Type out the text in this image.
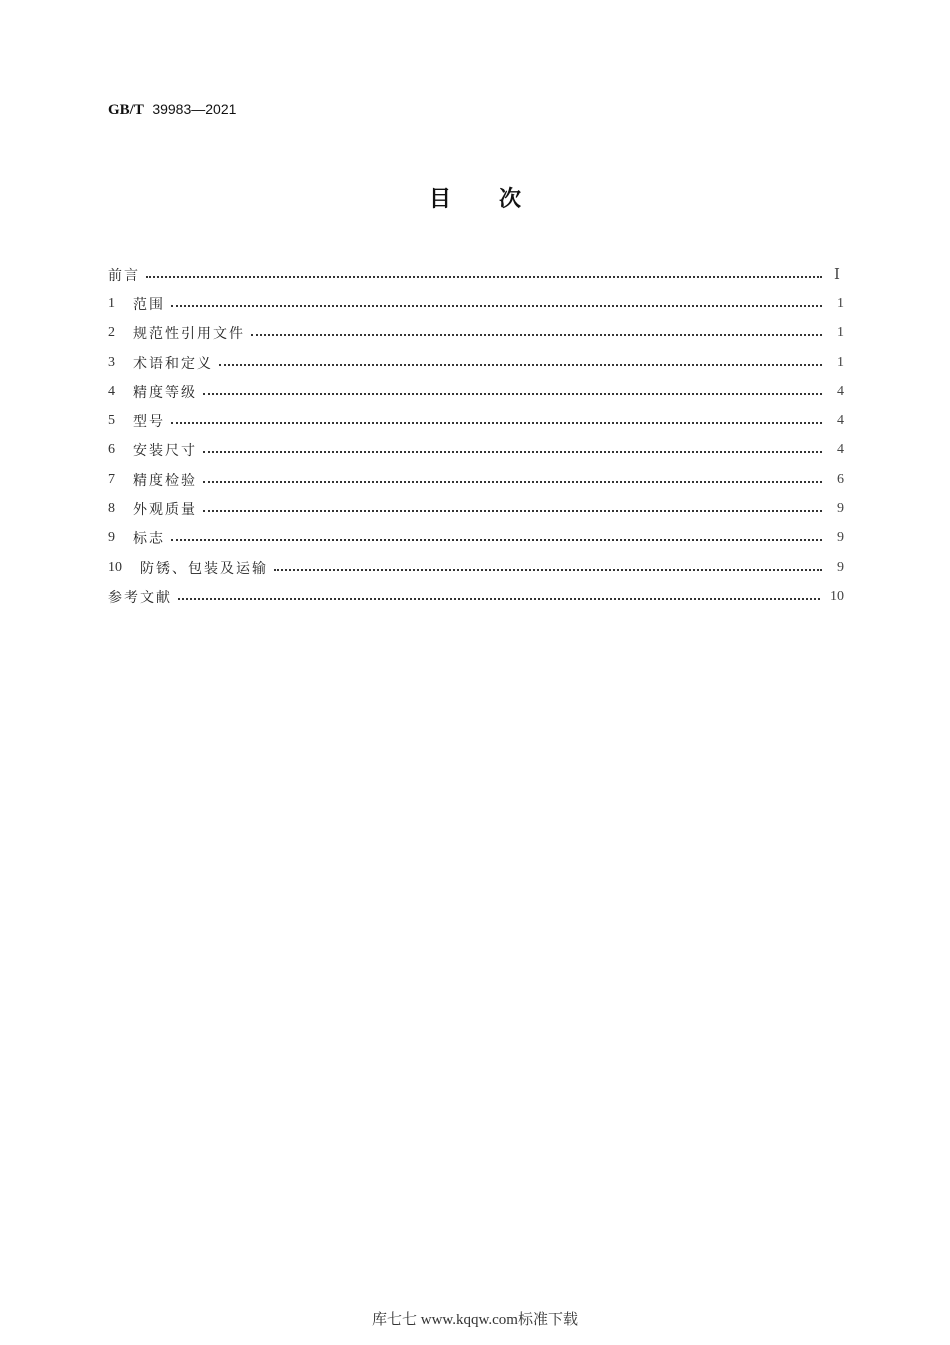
GB/T 39983—2021
目 次
前言	Ⅰ
1	范围	1
2	规范性引用文件	1
3	术语和定义	1
4	精度等级	4
5	型号	4
6	安装尺寸	4
7	精度检验	6
8	外观质量	9
9	标志	9
10	防锈、包装及运输	9
参考文献	10
库七七 www.kqqw.com标准下载
